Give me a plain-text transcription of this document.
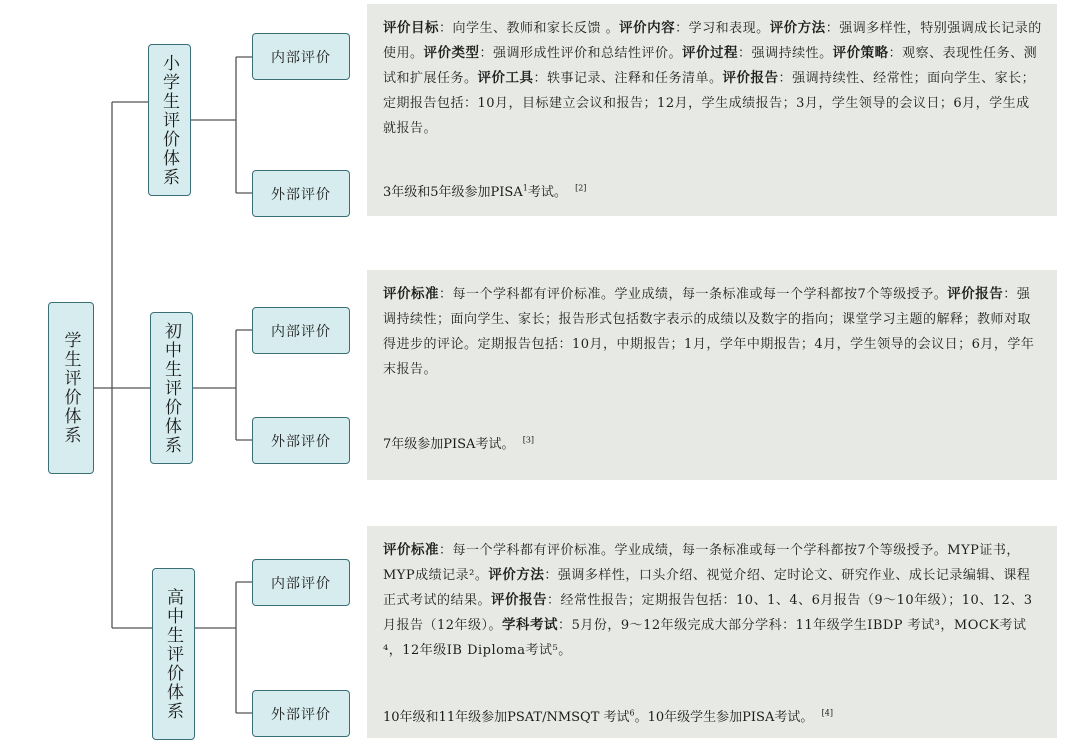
学生评价体系
小学生评价体系
初中生评价体系
高中生评价体系
内部评价
外部评价
内部评价
外部评价
内部评价
外部评价

评价目标：向学生、教师和家长反馈 。评价内容：学习和表现。评价方法：强调多样性，特别强调成长记录的使用。评价类型：强调形成性评价和总结性评价。评价过程：强调持续性。评价策略：观察、表现性任务、测试和扩展任务。评价工具：轶事记录、注释和任务清单。评价报告：强调持续性、经常性；面向学生、家长；定期报告包括：10月，目标建立会议和报告；12月，学生成绩报告；3月，学生领导的会议日；6月，学生成就报告。

3年级和5年级参加PISA$^1$考试。 [2]

评价标准：每一个学科都有评价标准。学业成绩，每一条标准或每一个学科都按7个等级授予。评价报告：强调持续性；面向学生、家长；报告形式包括数字表示的成绩以及数字的指向；课堂学习主题的解释；教师对取得进步的评论。定期报告包括：10月，中期报告；1月，学年中期报告；4月，学生领导的会议日；6月，学年末报告。

7年级参加PISA考试。 [3]

评价标准：每一个学科都有评价标准。学业成绩，每一条标准或每一个学科都按7个等级授予。MYP证书，MYP成绩记录²。评价方法：强调多样性，口头介绍、视觉介绍、定时论文、研究作业、成长记录编辑、课程正式考试的结果。评价报告：经常性报告；定期报告包括：10、1、4、6月报告（9～10年级）；10、12、3月报告（12年级）。学科考试：5月份，9～12年级完成大部分学科：11年级学生IBDP 考试³，MOCK考试⁴，12年级IB Diploma考试⁵。

10年级和11年级参加PSAT/NMSQT 考试$^6$。10年级学生参加PISA考试。 [4]
